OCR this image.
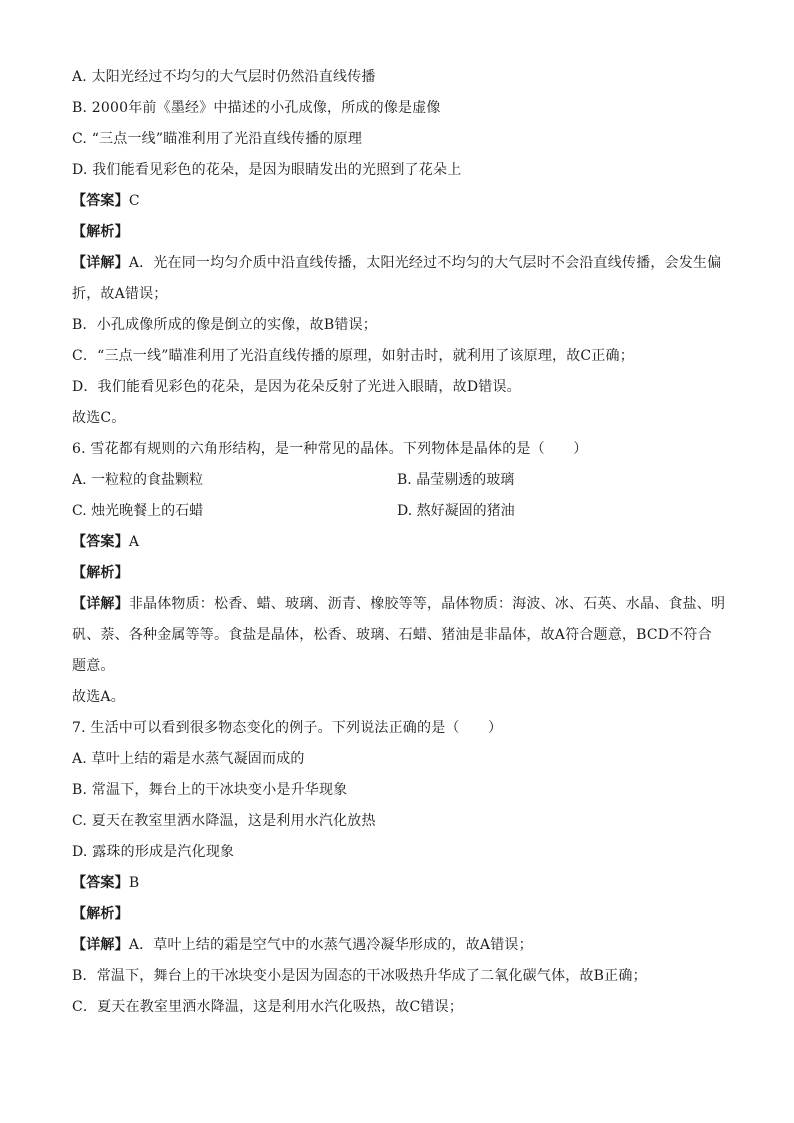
A. 太阳光经过不均匀的大气层时仍然沿直线传播
B. 2000年前《墨经》中描述的小孔成像，所成的像是虚像
C. “三点一线”瞄准利用了光沿直线传播的原理
D. 我们能看见彩色的花朵，是因为眼睛发出的光照到了花朵上
【答案】C
【解析】
【详解】A．光在同一均匀介质中沿直线传播，太阳光经过不均匀的大气层时不会沿直线传播，会发生偏
折，故A错误；
B．小孔成像所成的像是倒立的实像，故B错误；
C．“三点一线”瞄准利用了光沿直线传播的原理，如射击时，就利用了该原理，故C正确；
D．我们能看见彩色的花朵，是因为花朵反射了光进入眼睛，故D错误。
故选C。
6. 雪花都有规则的六角形结构，是一种常见的晶体。下列物体是晶体的是（　　）
A. 一粒粒的食盐颗粒	B. 晶莹剔透的玻璃
C. 烛光晚餐上的石蜡	D. 熬好凝固的猪油
【答案】A
【解析】
【详解】非晶体物质：松香、蜡、玻璃、沥青、橡胶等等，晶体物质：海波、冰、石英、水晶、食盐、明
矾、萘、各种金属等等。食盐是晶体，松香、玻璃、石蜡、猪油是非晶体，故A符合题意，BCD不符合
题意。
故选A。
7. 生活中可以看到很多物态变化的例子。下列说法正确的是（　　）
A. 草叶上结的霜是水蒸气凝固而成的
B. 常温下，舞台上的干冰块变小是升华现象
C. 夏天在教室里洒水降温，这是利用水汽化放热
D. 露珠的形成是汽化现象
【答案】B
【解析】
【详解】A．草叶上结的霜是空气中的水蒸气遇冷凝华形成的，故A错误；
B．常温下，舞台上的干冰块变小是因为固态的干冰吸热升华成了二氧化碳气体，故B正确；
C．夏天在教室里洒水降温，这是利用水汽化吸热，故C错误；
